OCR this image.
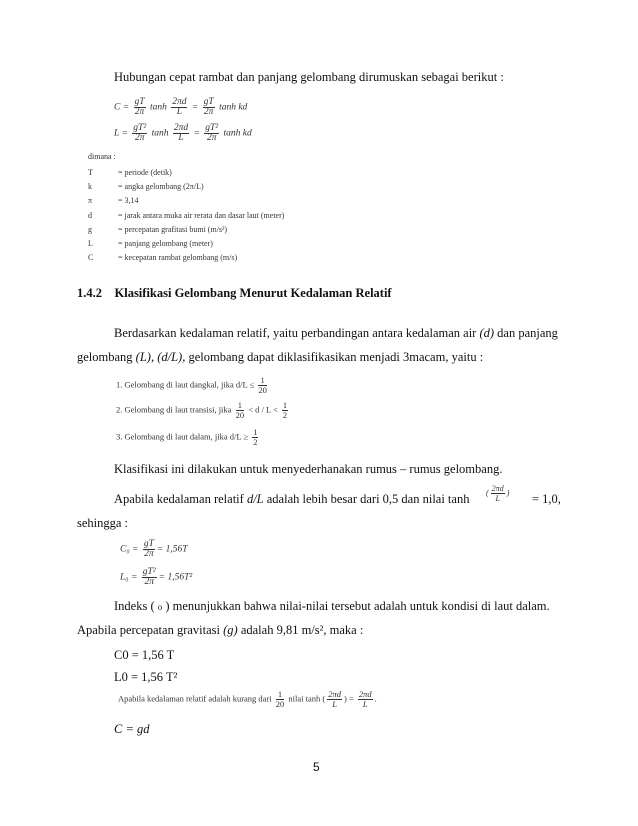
Hubungan cepat rambat dan panjang gelombang dirumuskan sebagai berikut :
$C = \frac{gT}{2\pi}$ $\tanh \frac{2\pi d}{L} = \frac{gT}{2\pi}$ tanh kd
$L = \frac{\text{gT²}}{2\pi}$ $\tanh \frac{2\pi d}{L} = \frac{\text{gT²}}{2\pi}$ tanh kd
dimana :
T	= periode (detik)
k	= angka gelombang (2π/L)
π	= 3,14
d	= jarak antara muka air rerata dan dasar laut (meter)
g	= percepatan grafitasi bumi (m/s²)
L	= panjang gelombang (meter)
C	= kecepatan rambat gelombang (m/s)
1.4.2 Klasifikasi Gelombang Menurut Kedalaman Relatif
Berdasarkan kedalaman relatif, yaitu perbandingan antara kedalaman air (d) dan panjang
gelombang (L), (d/L), gelombang dapat diklasifikasikan menjadi 3macam, yaitu :
1. Gelombang di laut dangkal, jika $d/L \le \frac{1}{20}$
2. Gelombang di laut transisi, jika $\frac{1}{20} < d / L < \frac{1}{2}$
3. Gelombang di laut dalam, jika $d/L \ge \frac{1}{2}$
Klasifikasi ini dilakukan untuk menyederhanakan rumus – rumus gelombang.
Apabila kedalaman relatif d/L adalah lebih besar dari 0,5 dan nilai tanh ( $\frac{2\pi d}{L}$ ) = 1,0,
sehingga :
$C_0 = \frac{gT}{2\pi} = 1,56T$
$L_0 = \frac{\text{gT²}}{2\pi} = 1,56T^2$
Indeks ( o ) menunjukkan bahwa nilai-nilai tersebut adalah untuk kondisi di laut dalam.
Apabila percepatan gravitasi (g) adalah 9,81 m/s², maka :
C0 = 1,56 T
L0 = 1,56 T²
Apabila kedalaman relatif adalah kurang dari $\frac{1}{20}$ nilai tanh ( $\frac{2\pi d}{L}$ ) = $\frac{2\pi d}{L}$ .
C = gd
5
